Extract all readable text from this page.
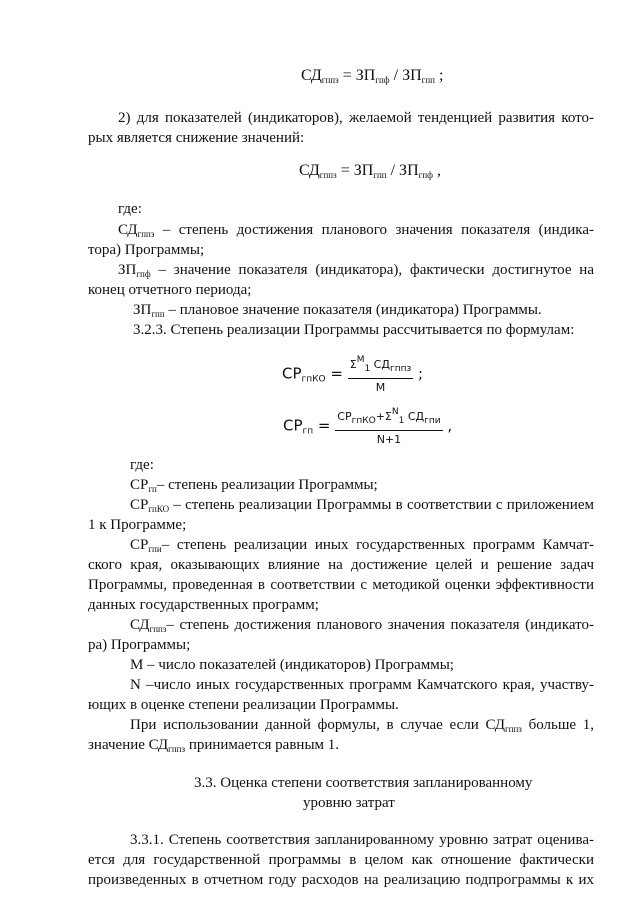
$СД_{гппз} = ЗП_{гпф} / ЗП_{гпп}$ ;
2) для показателей (индикаторов), желаемой тенденцией развития кото-
рых является снижение значений:
$СД_{гппз} = ЗП_{гпп} / ЗП_{гпф}$ ,
где:
$СД_{гппз}$ – степень достижения планового значения показателя (индика-
тора) Программы;
$ЗП_{гпф}$ – значение показателя (индикатора), фактически достигнутое на
конец отчетного периода;
$ЗП_{гпп}$ – плановое значение показателя (индикатора) Программы.
3.2.3. Степень реализации Программы рассчитывается по формулам:
$СР_{гпКО} = \frac{\Sigma^M_1 СД_{гппз}}{M}$ ;
$СР_{гп} = \frac{СР_{гпКО}+\Sigma^N_1 СД_{гпи}}{N+1}$ ,
где:
$СР_{гп}-$ степень реализации Программы;
$СР_{гпКО}$ – степень реализации Программы в соответствии с приложением
1 к Программе;
$СР_{гпи}-$ степень реализации иных государственных программ Камчат-
ского края, оказывающих влияние на достижение целей и решение задач
Программы, проведенная в соответствии с методикой оценки эффективности
данных государственных программ;
$СД_{гппз}-$ степень достижения планового значения показателя (индикато-
ра) Программы;
М – число показателей (индикаторов) Программы;
N –число иных государственных программ Камчатского края, участву-
ющих в оценке степени реализации Программы.
При использовании данной формулы, в случае если $СД_{гппз}$ больше 1,
значение $СД_{гппз}$ принимается равным 1.
3.3. Оценка степени соответствия запланированному
уровню затрат
3.3.1. Степень соответствия запланированному уровню затрат оценива-
ется для государственной программы в целом как отношение фактически
произведенных в отчетном году расходов на реализацию подпрограммы к их
